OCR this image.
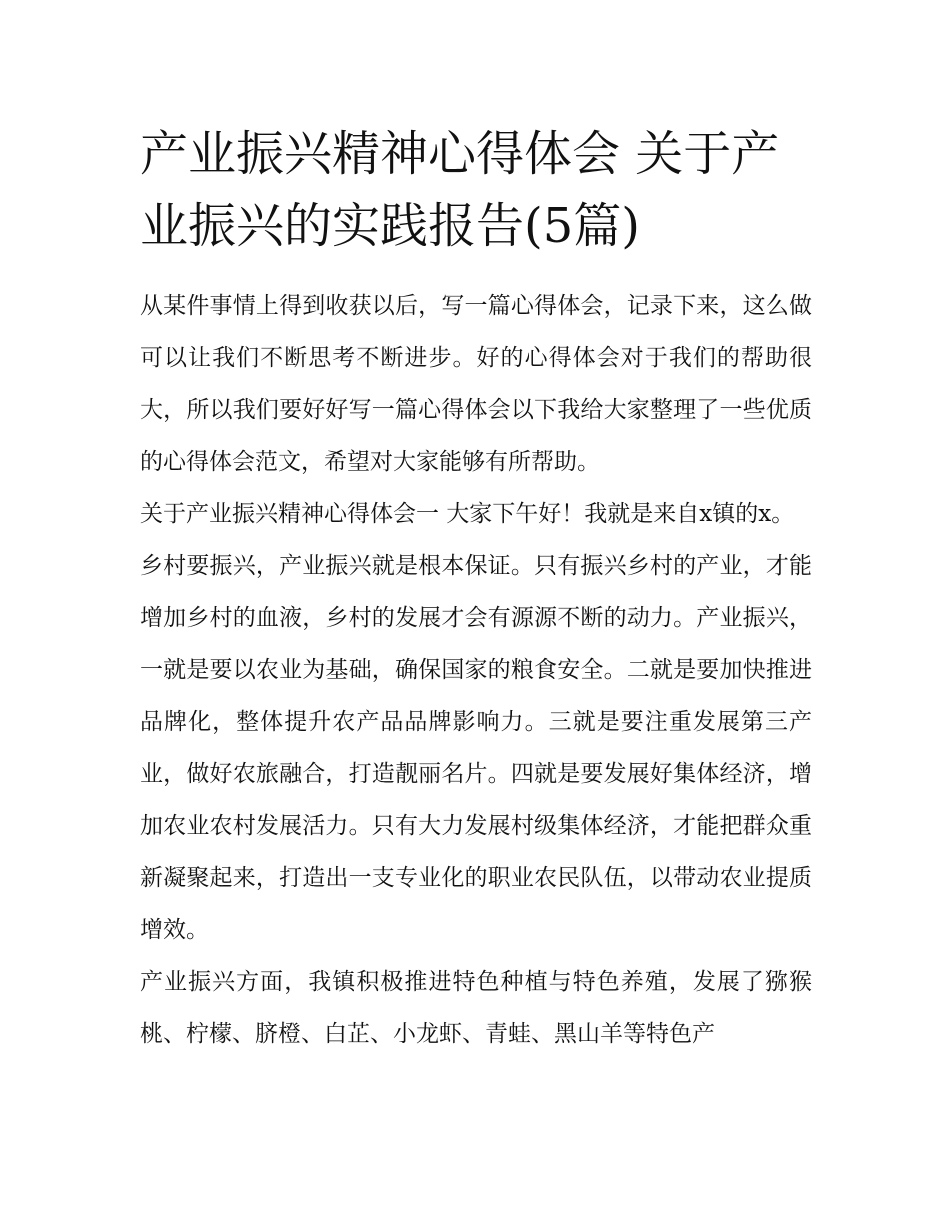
产业振兴精神心得体会 关于产业振兴的实践报告(5篇)

从某件事情上得到收获以后，写一篇心得体会，记录下来，这么做可以让我们不断思考不断进步。好的心得体会对于我们的帮助很大，所以我们要好好写一篇心得体会以下我给大家整理了一些优质的心得体会范文，希望对大家能够有所帮助。

关于产业振兴精神心得体会一 大家下午好！我就是来自x镇的x。

乡村要振兴，产业振兴就是根本保证。只有振兴乡村的产业，才能增加乡村的血液，乡村的发展才会有源源不断的动力。产业振兴，一就是要以农业为基础，确保国家的粮食安全。二就是要加快推进品牌化，整体提升农产品品牌影响力。三就是要注重发展第三产业，做好农旅融合，打造靓丽名片。四就是要发展好集体经济，增加农业农村发展活力。只有大力发展村级集体经济，才能把群众重新凝聚起来，打造出一支专业化的职业农民队伍，以带动农业提质增效。

产业振兴方面，我镇积极推进特色种植与特色养殖，发展了猕猴桃、柠檬、脐橙、白芷、小龙虾、青蛙、黑山羊等特色产
